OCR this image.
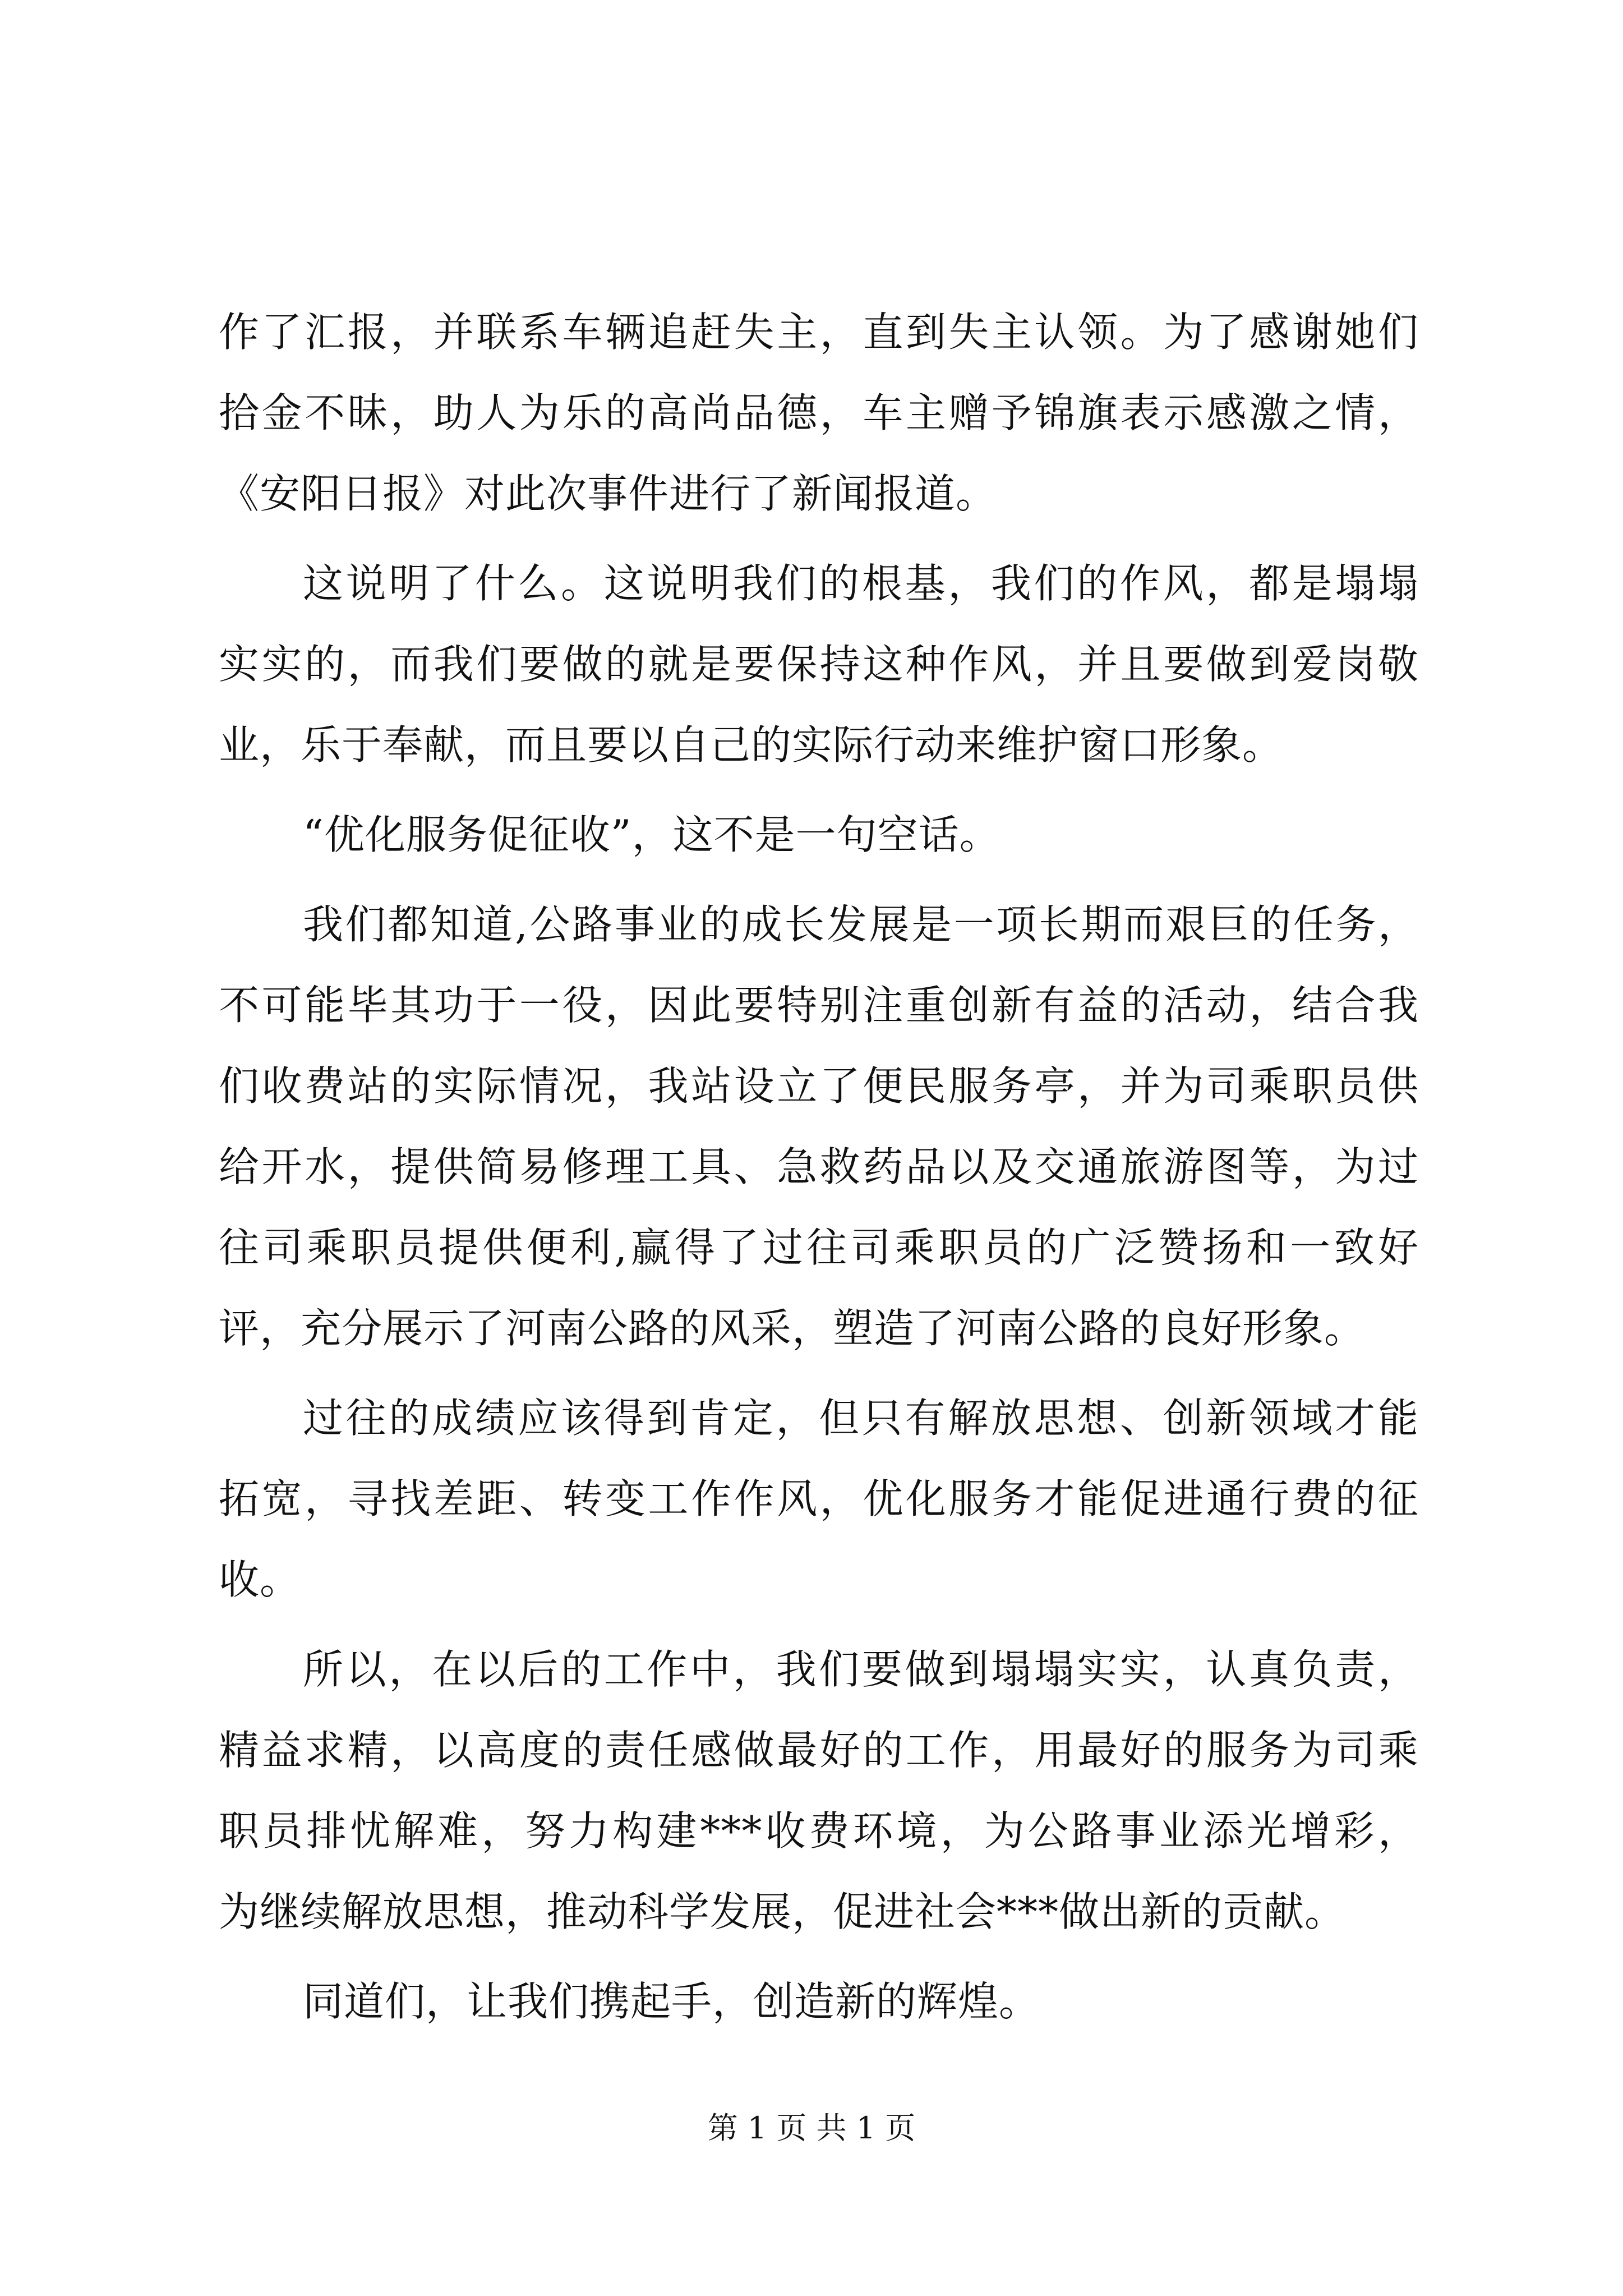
作了汇报，并联系车辆追赶失主，直到失主认领。为了感谢她们
拾金不昧，助人为乐的高尚品德，车主赠予锦旗表示感激之情，
《安阳日报》对此次事件进行了新闻报道。
这说明了什么。这说明我们的根基，我们的作风，都是塌塌
实实的，而我们要做的就是要保持这种作风，并且要做到爱岗敬
业，乐于奉献，而且要以自己的实际行动来维护窗口形象。
“优化服务促征收”，这不是一句空话。
我们都知道,公路事业的成长发展是一项长期而艰巨的任务，
不可能毕其功于一役，因此要特别注重创新有益的活动，结合我
们收费站的实际情况，我站设立了便民服务亭，并为司乘职员供
给开水，提供简易修理工具、急救药品以及交通旅游图等，为过
往司乘职员提供便利,赢得了过往司乘职员的广泛赞扬和一致好
评，充分展示了河南公路的风采，塑造了河南公路的良好形象。
过往的成绩应该得到肯定，但只有解放思想、创新领域才能
拓宽，寻找差距、转变工作作风，优化服务才能促进通行费的征
收。
所以，在以后的工作中，我们要做到塌塌实实，认真负责，
精益求精，以高度的责任感做最好的工作，用最好的服务为司乘
职员排忧解难，努力构建***收费环境，为公路事业添光增彩，
为继续解放思想，推动科学发展，促进社会***做出新的贡献。
同道们，让我们携起手，创造新的辉煌。
第 1 页 共 1 页
